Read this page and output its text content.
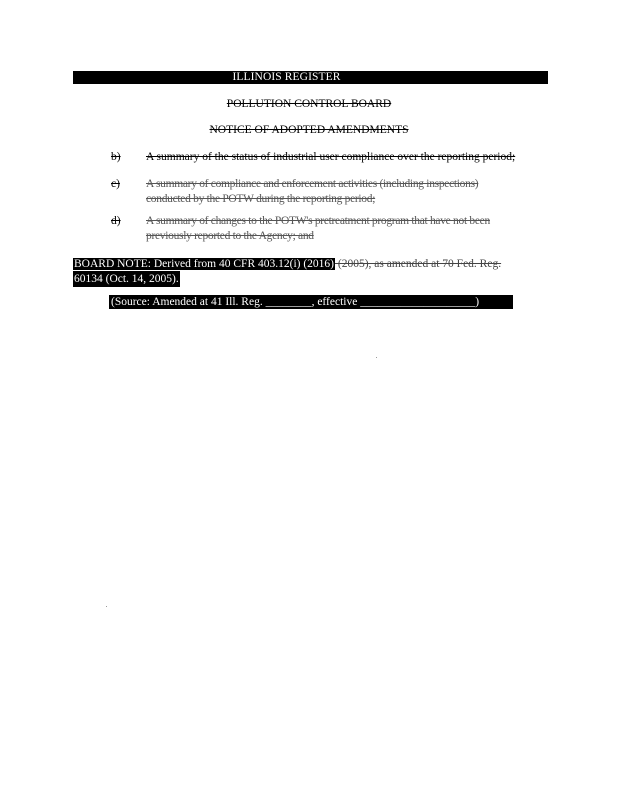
ILLINOIS REGISTER
POLLUTION CONTROL BOARD
NOTICE OF ADOPTED AMENDMENTS
b) A summary of the status of industrial user compliance over the reporting period;
c) A summary of compliance and enforcement activities (including inspections)
conducted by the POTW during the reporting period;
d) A summary of changes to the POTW's pretreatment program that have not been
previously reported to the Agency; and
BOARD NOTE: Derived from 40 CFR 403.12(i) (2016) (2005), as amended at 70 Fed. Reg.
60134 (Oct. 14, 2005).
(Source: Amended at 41 Ill. Reg. ________, effective ____________________)
